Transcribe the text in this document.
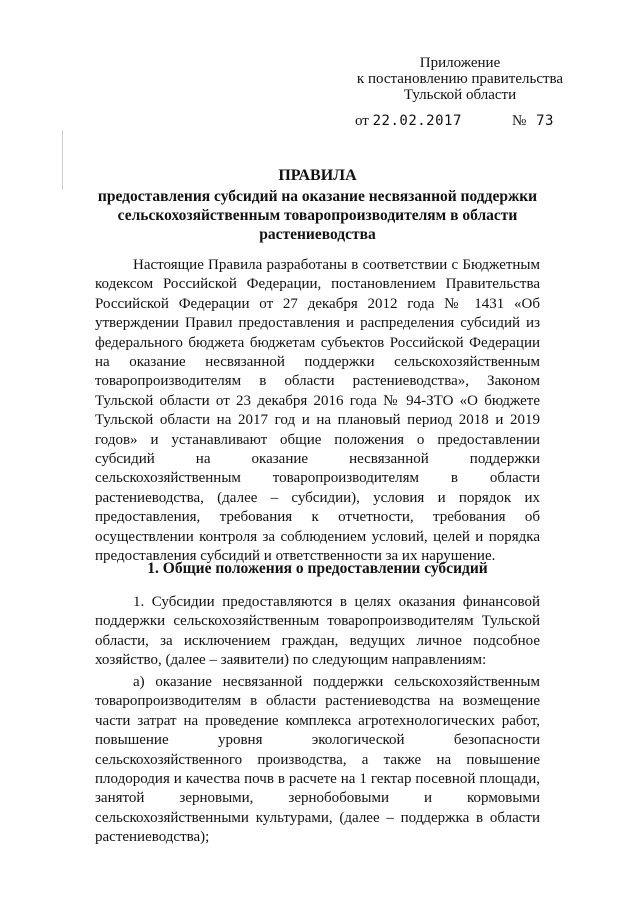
Приложение
к постановлению правительства
Тульской области
от 22.02.2017	№ 73
ПРАВИЛА
предоставления субсидий на оказание несвязанной поддержки
сельскохозяйственным товаропроизводителям в области
растениеводства

Настоящие Правила разработаны в соответствии с Бюджетным кодексом Российской Федерации, постановлением Правительства Российской Федерации от 27 декабря 2012 года № 1431 «Об утверждении Правил предоставления и распределения субсидий из федерального бюджета бюджетам субъектов Российской Федерации на оказание несвязанной поддержки сельскохозяйственным товаропроизводителям в области растениеводства», Законом Тульской области от 23 декабря 2016 года № 94-ЗТО «О бюджете Тульской области на 2017 год и на плановый период 2018 и 2019 годов» и устанавливают общие положения о предоставлении субсидий на оказание несвязанной поддержки сельскохозяйственным товаропроизводителям в области растениеводства, (далее – субсидии), условия и порядок их предоставления, требования к отчетности, требования об осуществлении контроля за соблюдением условий, целей и порядка предоставления субсидий и ответственности за их нарушение.

1. Общие положения о предоставлении субсидий

1. Субсидии предоставляются в целях оказания финансовой поддержки сельскохозяйственным товаропроизводителям Тульской области, за исключением граждан, ведущих личное подсобное хозяйство, (далее – заявители) по следующим направлениям:

а) оказание несвязанной поддержки сельскохозяйственным товаропроизводителям в области растениеводства на возмещение части затрат на проведение комплекса агротехнологических работ, повышение уровня экологической безопасности сельскохозяйственного производства, а также на повышение плодородия и качества почв в расчете на 1 гектар посевной площади, занятой зерновыми, зернобобовыми и кормовыми сельскохозяйственными культурами, (далее – поддержка в области растениеводства);
